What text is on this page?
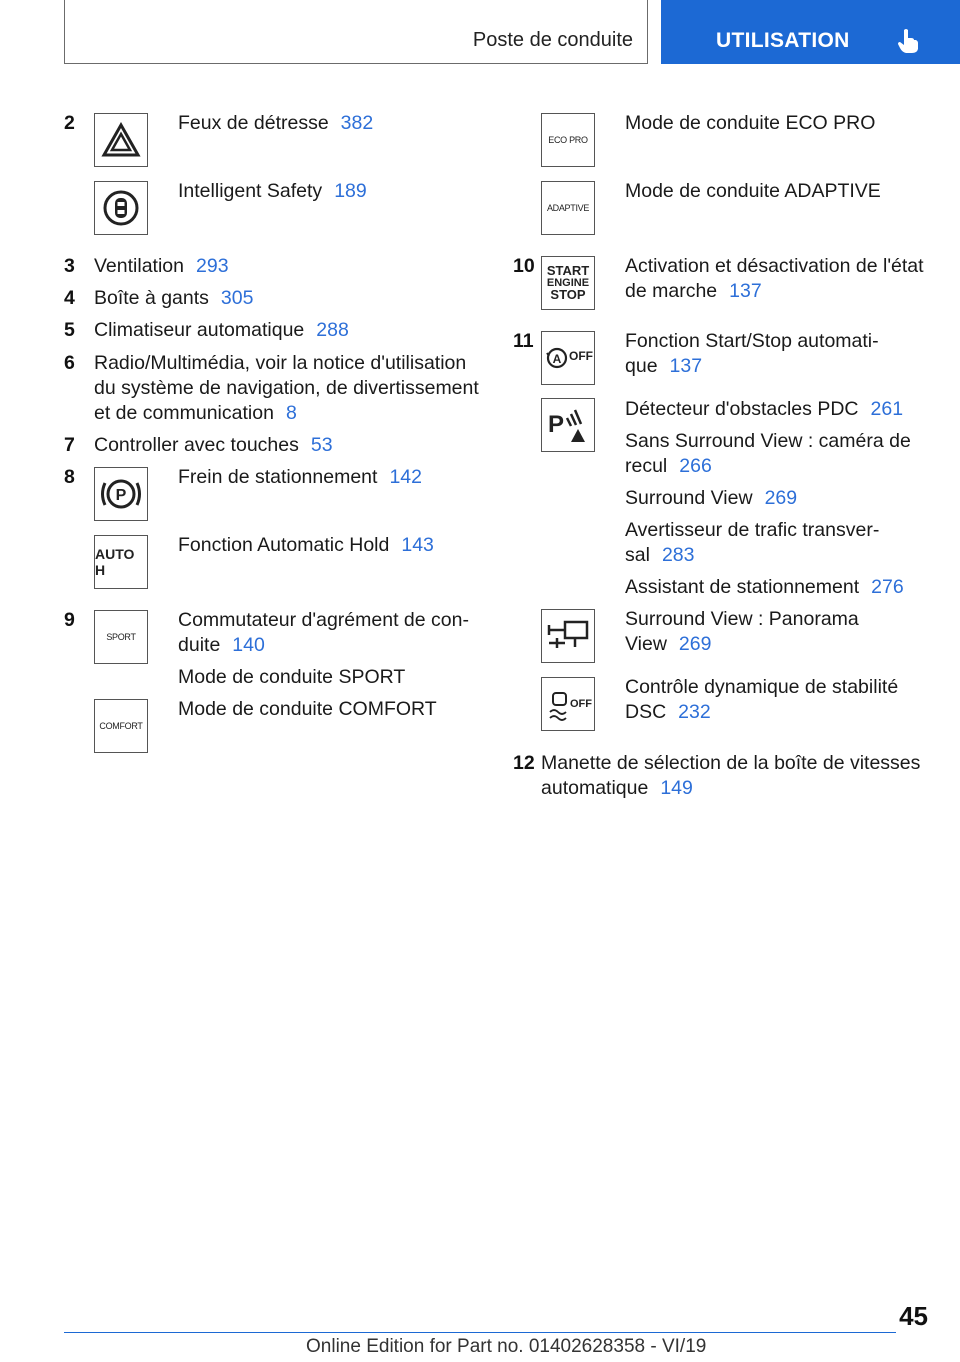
Poste de conduite	UTILISATION
2	Feux de détresse 382
Intelligent Safety 189
3 Ventilation 293
4 Boîte à gants 305
5 Climatiseur automatique 288
6 Radio/Multimédia, voir la notice d'utilisation
du système de navigation, de divertissement
et de communication 8
7 Controller avec touches 53
8
P
Frein de stationnement 142
AUTO H
Fonction Automatic Hold 143
9
SPORT
Commutateur d'agrément de con-
duite 140
Mode de conduite SPORT
COMFORT
Mode de conduite COMFORT
ECO PRO
Mode de conduite ECO PRO
ADAPTIVE
Mode de conduite ADAPTIVE
10 START
ENGINE
STOP
Activation et désactivation de l'état
de marche 137
11
A OFF
Fonction Start/Stop automati-
que 137
P
Détecteur d'obstacles PDC 261
Sans Surround View : caméra de
recul 266
Surround View 269
Avertisseur de trafic transver-
sal 283
Assistant de stationnement 276
Surround View : Panorama
View 269
OFF
Contrôle dynamique de stabilité
DSC 232
12 Manette de sélection de la boîte de vitesses
automatique 149
45
Online Edition for Part no. 01402628358 - VI/19
